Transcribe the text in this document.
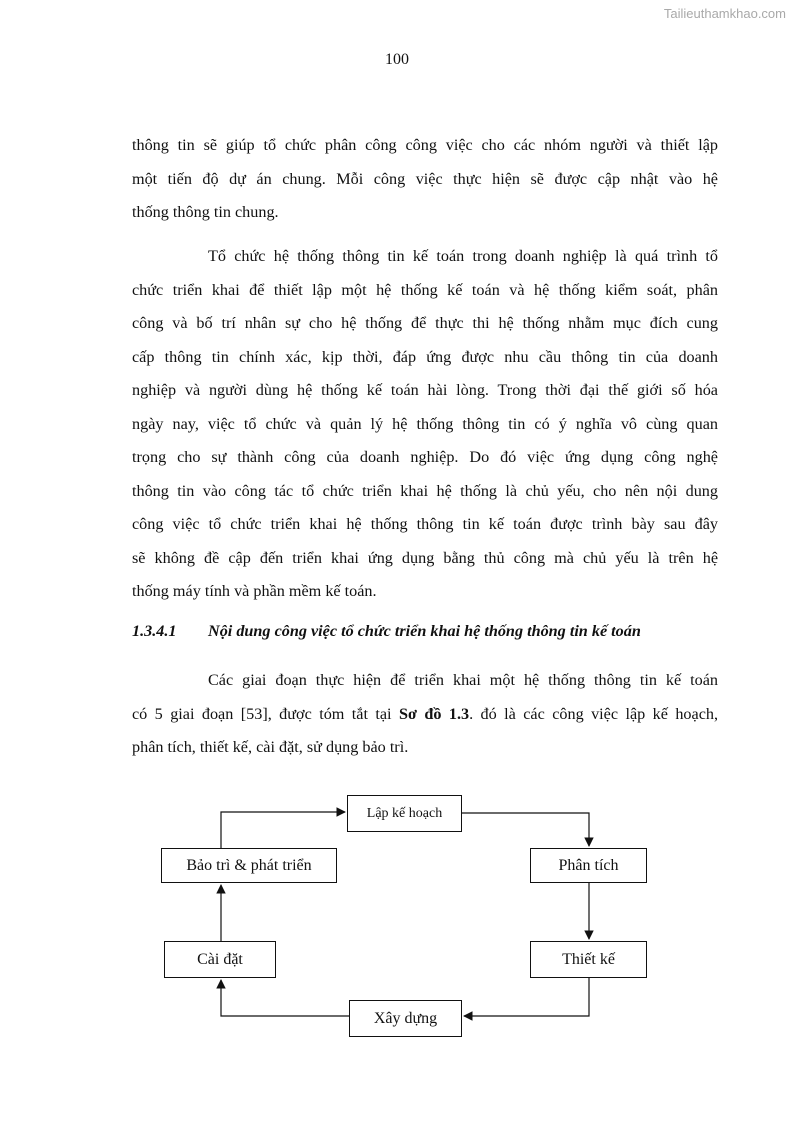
Tailieuthamkhao.com
100

thông tin sẽ giúp tổ chức phân công công việc cho các nhóm người và thiết lập
một tiến độ dự án chung. Mỗi công việc thực hiện sẽ được cập nhật vào hệ
thống thông tin chung.

Tổ chức hệ thống thông tin kế toán trong doanh nghiệp là quá trình tổ
chức triển khai để thiết lập một hệ thống kế toán và hệ thống kiểm soát, phân
công và bố trí nhân sự cho hệ thống để thực thi hệ thống nhằm mục đích cung
cấp thông tin chính xác, kịp thời, đáp ứng được nhu cầu thông tin của doanh
nghiệp và người dùng hệ thống kế toán hài lòng. Trong thời đại thế giới số hóa
ngày nay, việc tổ chức và quản lý hệ thống thông tin có ý nghĩa vô cùng quan
trọng cho sự thành công của doanh nghiệp. Do đó việc ứng dụng công nghệ
thông tin vào công tác tổ chức triển khai hệ thống là chủ yếu, cho nên nội dung
công việc tổ chức triển khai hệ thống thông tin kế toán được trình bày sau đây
sẽ không đề cập đến triển khai ứng dụng bằng thủ công mà chủ yếu là trên hệ
thống máy tính và phần mềm kế toán.

1.3.4.1 Nội dung công việc tổ chức triển khai hệ thống thông tin kế toán

Các giai đoạn thực hiện để triển khai một hệ thống thông tin kế toán
có 5 giai đoạn [53], được tóm tắt tại Sơ đồ 1.3. đó là các công việc lập kế hoạch,
phân tích, thiết kế, cài đặt, sử dụng bảo trì.

Lập kế hoạch
Phân tích
Thiết kế
Xây dựng
Cài đặt
Bảo trì & phát triển
